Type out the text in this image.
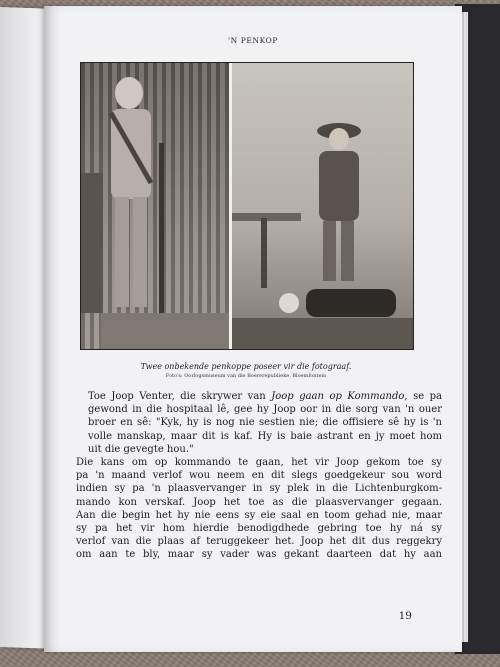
'N PENKOP
Twee onbekende penkoppe poseer vir die fotograaf.
Foto's: Oorlogsmuseum van die Boererepublieke, Bloemfontein

Toe Joop Venter, die skrywer van Joop gaan op Kommando, se pa
gewond in die hospitaal lê, gee hy Joop oor in die sorg van 'n ouer
broer en sê: "Kyk, hy is nog nie sestien nie; die offisiere sê hy is 'n
volle manskap, maar dit is kaf. Hy is baie astrant en jy moet hom
uit die gevegte hou."

Die kans om op kommando te gaan, het vir Joop gekom toe sy
pa 'n maand verlof wou neem en dit slegs goedgekeur sou word
indien sy pa 'n plaasvervanger in sy plek in die Lichtenburgkom-
mando kon verskaf. Joop het toe as die plaasvervanger gegaan.
Aan die begin het hy nie eens sy eie saal en toom gehad nie, maar
sy pa het vir hom hierdie benodigdhede gebring toe hy ná sy
verlof van die plaas af teruggekeer het. Joop het dit dus reggekry
om aan te bly, maar sy vader was gekant daarteen dat hy aan

19
